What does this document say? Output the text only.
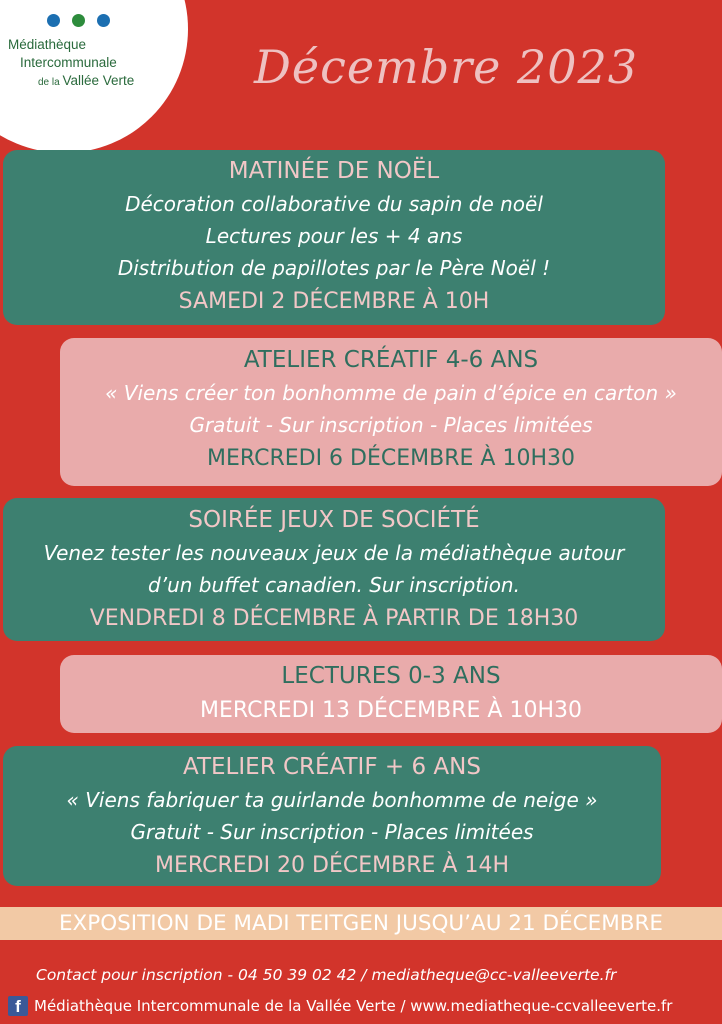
Médiathèque
Intercommunale
de la Vallée Verte	Décembre 2023
MATINÉE DE NOËL
Décoration collaborative du sapin de noël
Lectures pour les + 4 ans
Distribution de papillotes par le Père Noël !
SAMEDI 2 DÉCEMBRE À 10H
ATELIER CRÉATIF 4-6 ANS
« Viens créer ton bonhomme de pain d’épice en carton »
Gratuit - Sur inscription - Places limitées
MERCREDI 6 DÉCEMBRE À 10H30
SOIRÉE JEUX DE SOCIÉTÉ
Venez tester les nouveaux jeux de la médiathèque autour
d’un buffet canadien. Sur inscription.
VENDREDI 8 DÉCEMBRE À PARTIR DE 18H30
LECTURES 0-3 ANS
MERCREDI 13 DÉCEMBRE À 10H30
ATELIER CRÉATIF + 6 ANS
« Viens fabriquer ta guirlande bonhomme de neige »
Gratuit - Sur inscription - Places limitées
MERCREDI 20 DÉCEMBRE À 14H
EXPOSITION DE MADI TEITGEN JUSQU’AU 21 DÉCEMBRE
Contact pour inscription - 04 50 39 02 42 / mediatheque@cc-valleeverte.fr
f Médiathèque Intercommunale de la Vallée Verte / www.mediatheque-ccvalleeverte.fr
